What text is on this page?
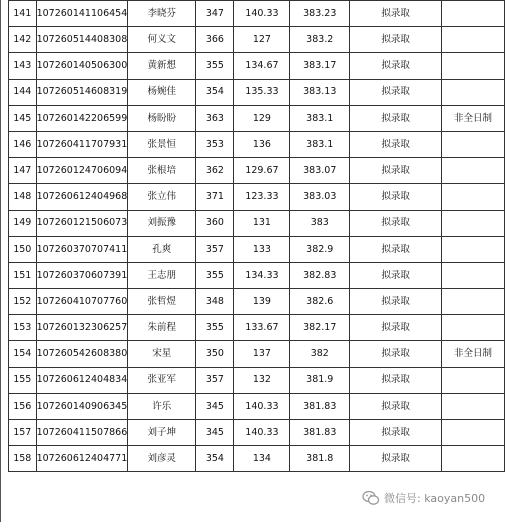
141	107260141106454	李晓芬	347	140.33	383.23	拟录取	
142	107260514408308	何义文	366	127	383.2	拟录取	
143	107260140506300	黄新想	355	134.67	383.17	拟录取	
144	107260514608319	杨婉佳	354	135.33	383.13	拟录取	
145	107260142206599	杨盼盼	363	129	383.1	拟录取	非全日制
146	107260411707931	张景恒	353	136	383.1	拟录取	
147	107260124706094	张根培	362	129.67	383.07	拟录取	
148	107260612404968	张立伟	371	123.33	383.03	拟录取	
149	107260121506073	刘振豫	360	131	383	拟录取	
150	107260370707411	孔爽	357	133	382.9	拟录取	
151	107260370607391	王志朋	355	134.33	382.83	拟录取	
152	107260410707760	张哲煜	348	139	382.6	拟录取	
153	107260132306257	朱前程	355	133.67	382.17	拟录取	
154	107260542608380	宋星	350	137	382	拟录取	非全日制
155	107260612404834	张亚军	357	132	381.9	拟录取	
156	107260140906345	许乐	345	140.33	381.83	拟录取	
157	107260411507866	刘子坤	345	140.33	381.83	拟录取	
158	107260612404771	刘彦灵	354	134	381.8	拟录取	
微信号: kaoyan500
